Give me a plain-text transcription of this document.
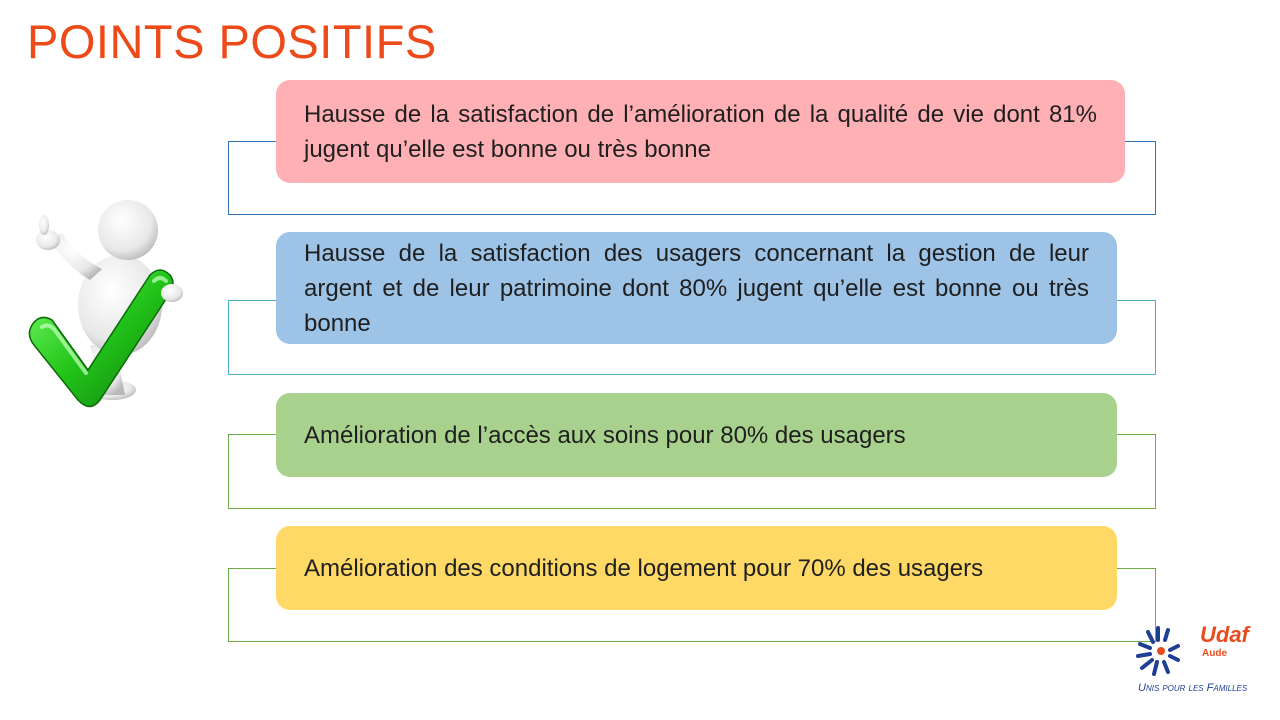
POINTS POSITIFS
Hausse de la satisfaction de l’amélioration de la qualité de vie dont 81% jugent qu’elle est bonne ou très bonne
Hausse de la satisfaction des usagers concernant la gestion de leur argent et de leur patrimoine dont 80% jugent qu’elle est bonne ou très bonne
Amélioration de l’accès aux soins pour 80% des usagers
Amélioration des conditions de logement pour 70% des usagers
Udaf
Aude
Unis pour les Familles
